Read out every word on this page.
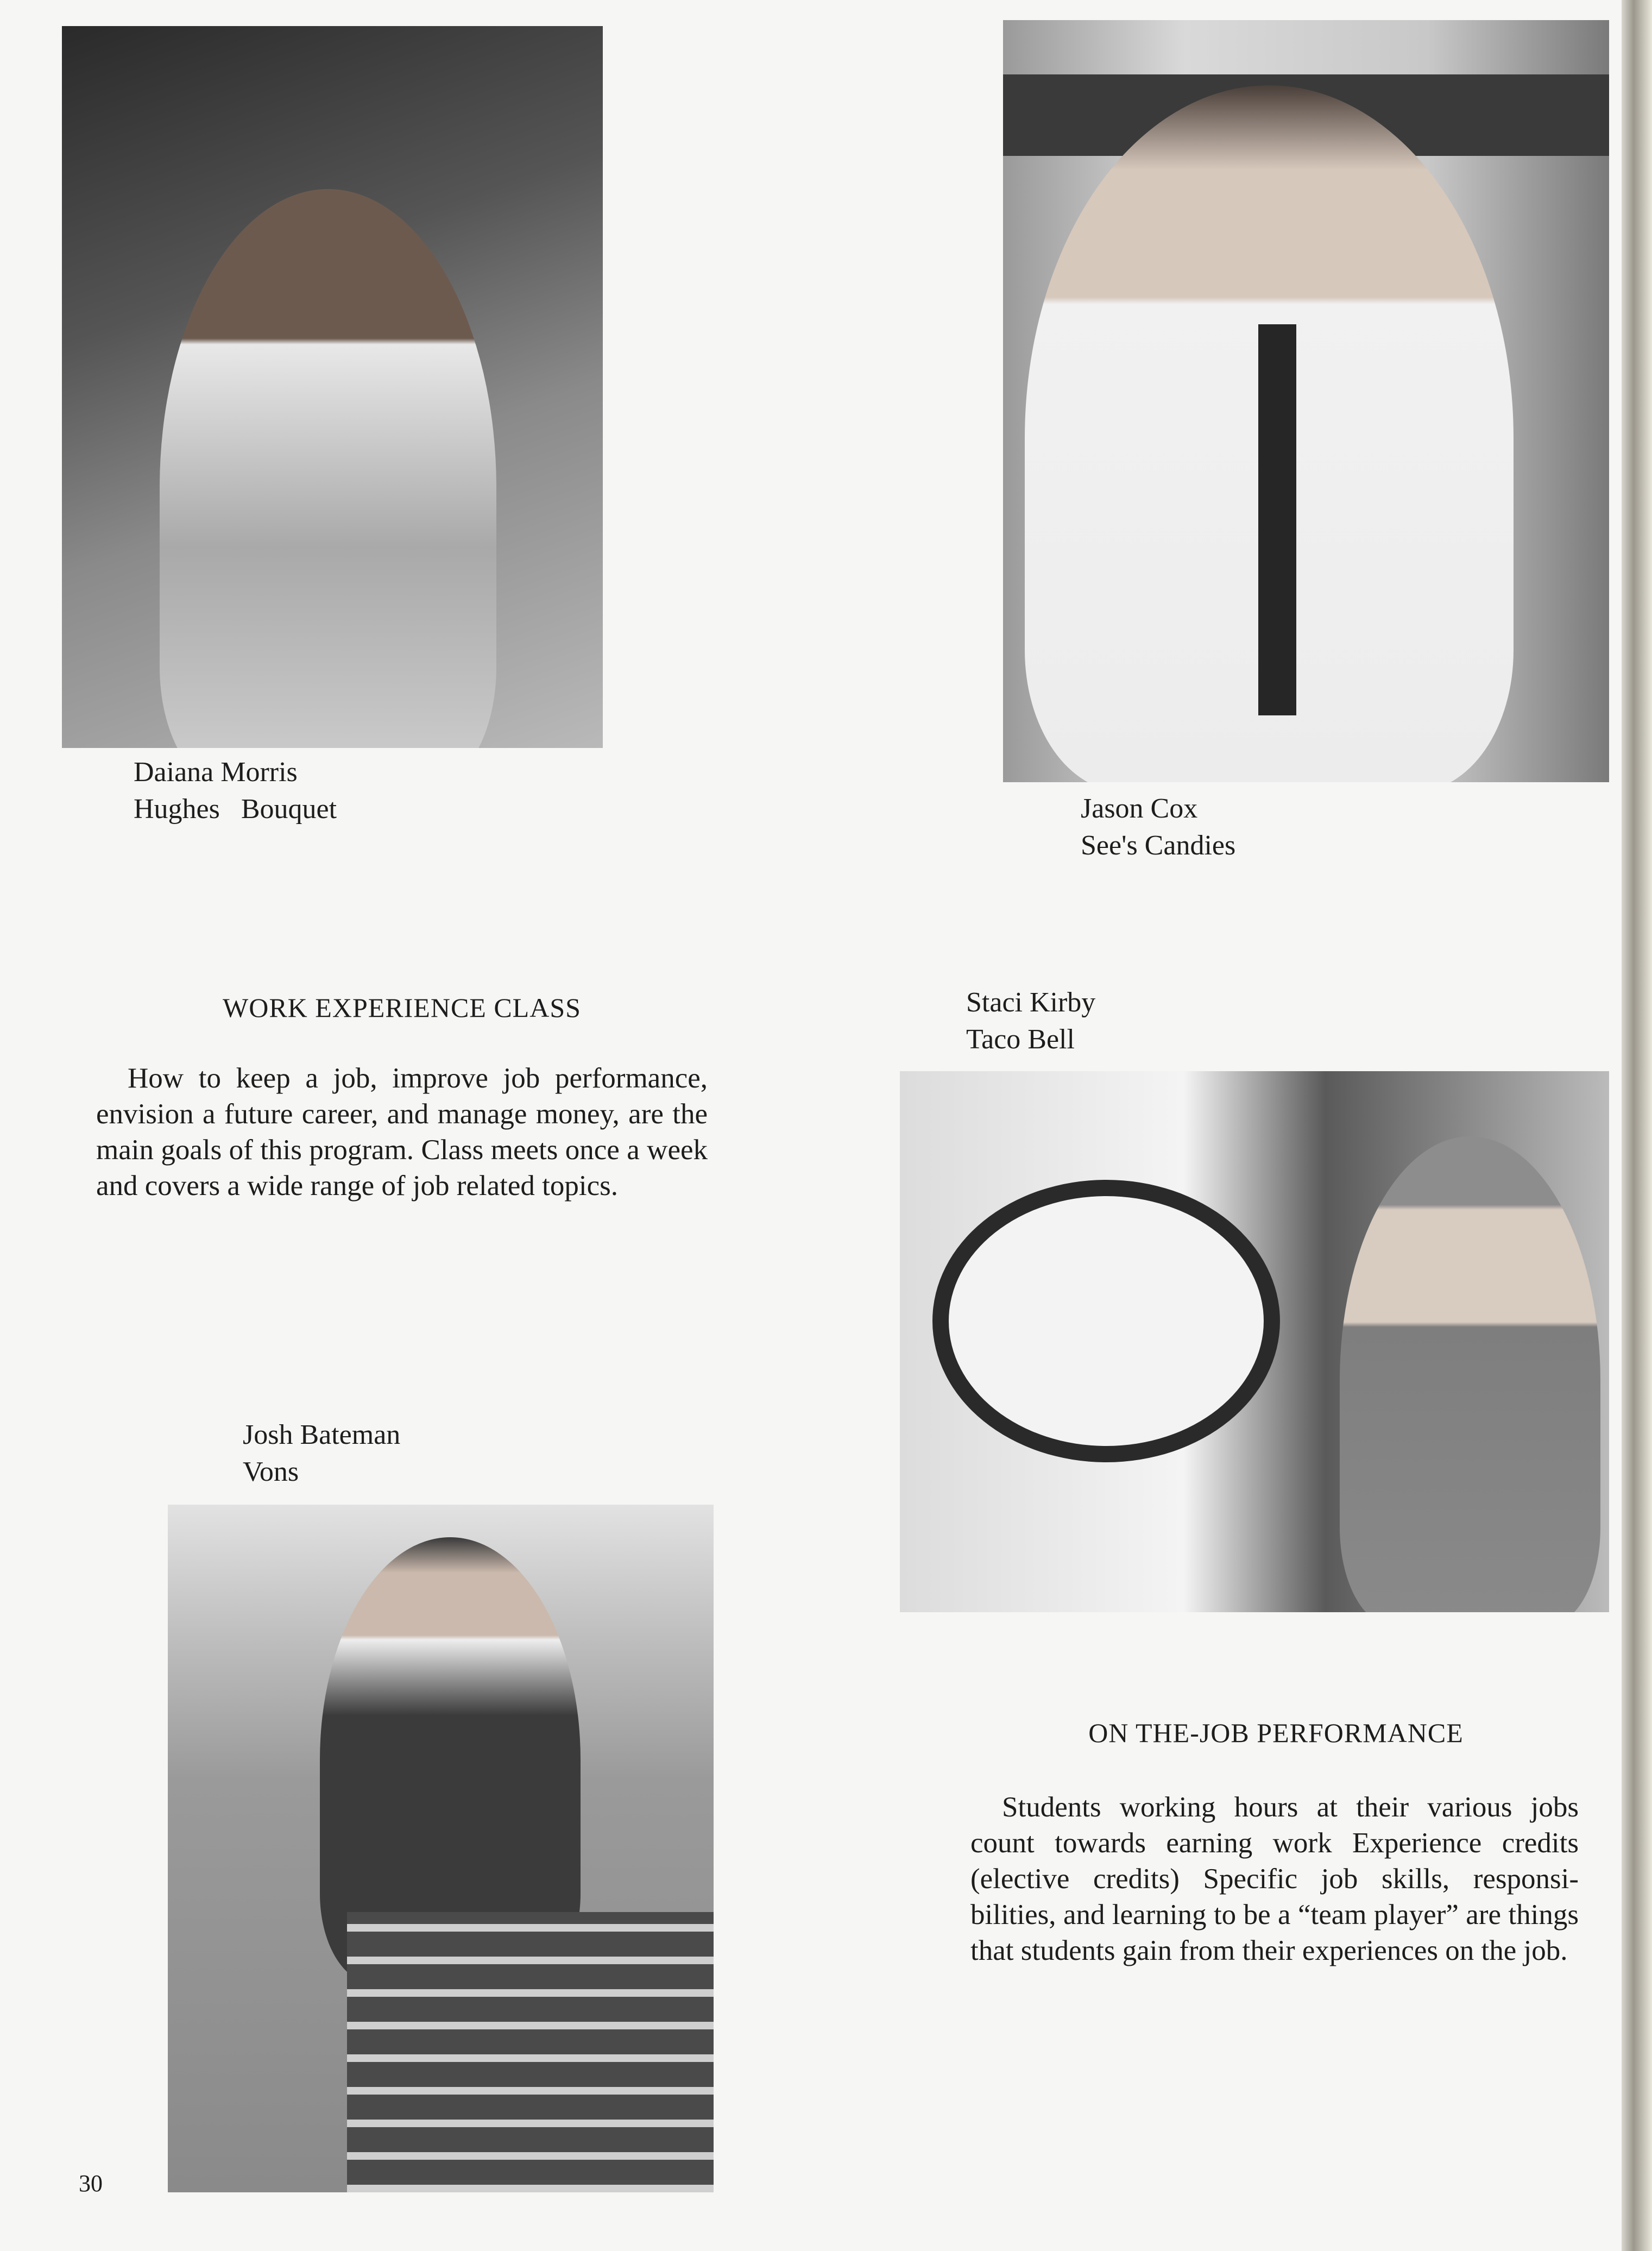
Daiana Morris
Hughes   Bouquet	Jason Cox
See's Candies
WORK EXPERIENCE CLASS
How to keep a job, improve job performance, envision a future career, and manage money, are the main goals of this program. Class meets once a week and covers a wide range of job related topics.
Staci Kirby
Taco Bell
Josh Bateman
Vons
ON THE-JOB PERFORMANCE
Students working hours at their various jobs count towards earning work Experience credits (elective credits) Specific job skills, responsi-bilities, and learning to be a “team player” are things that students gain from their experiences on the job.
30
